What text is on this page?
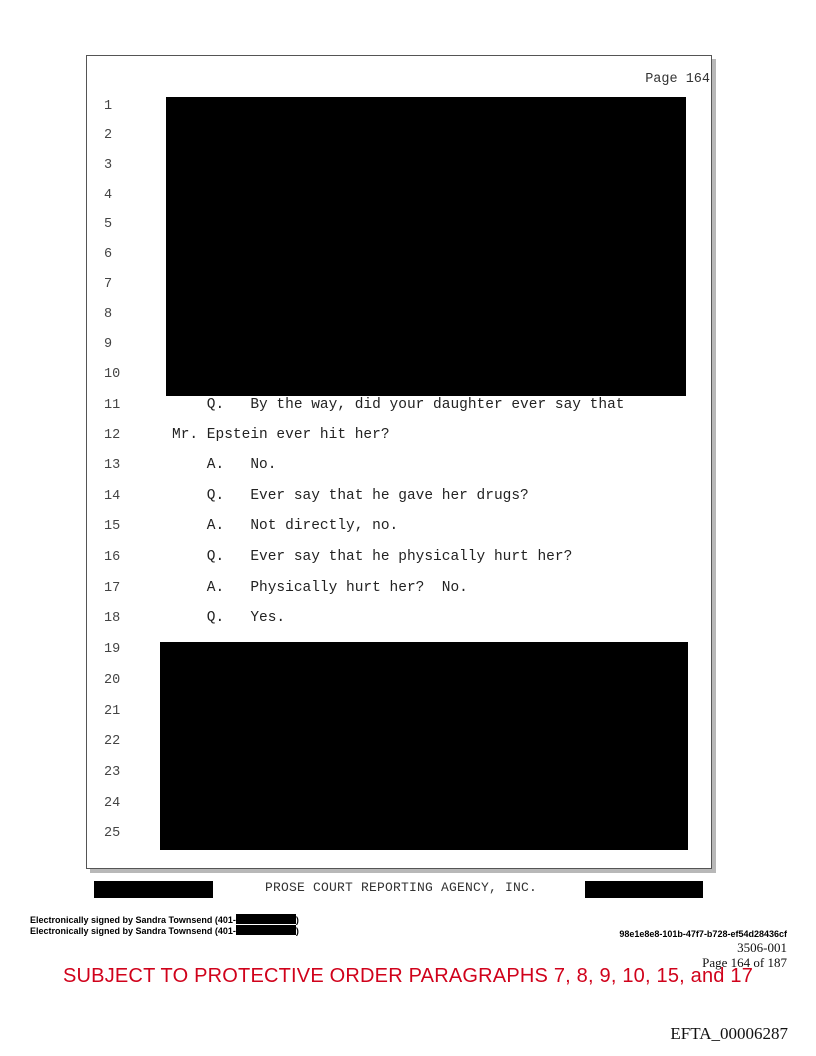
Page 164
1
2
3
4
5
6
7
8
9
10
11
12
13
14
15
16
17
18
19
20
21
22
23
24
25
Q.   By the way, did your daughter ever say that
Mr. Epstein ever hit her?
A.   No.
Q.   Ever say that he gave her drugs?
A.   Not directly, no.
Q.   Ever say that he physically hurt her?
A.   Physically hurt her?  No.
Q.   Yes.
PROSE COURT REPORTING AGENCY, INC.
Electronically signed by Sandra Townsend (401-	)
Electronically signed by Sandra Townsend (401-	)	98e1e8e8-101b-47f7-b728-ef54d28436cf
3506-001
Page 164 of 187
SUBJECT TO PROTECTIVE ORDER PARAGRAPHS 7, 8, 9, 10, 15, and 17
EFTA_00006287
